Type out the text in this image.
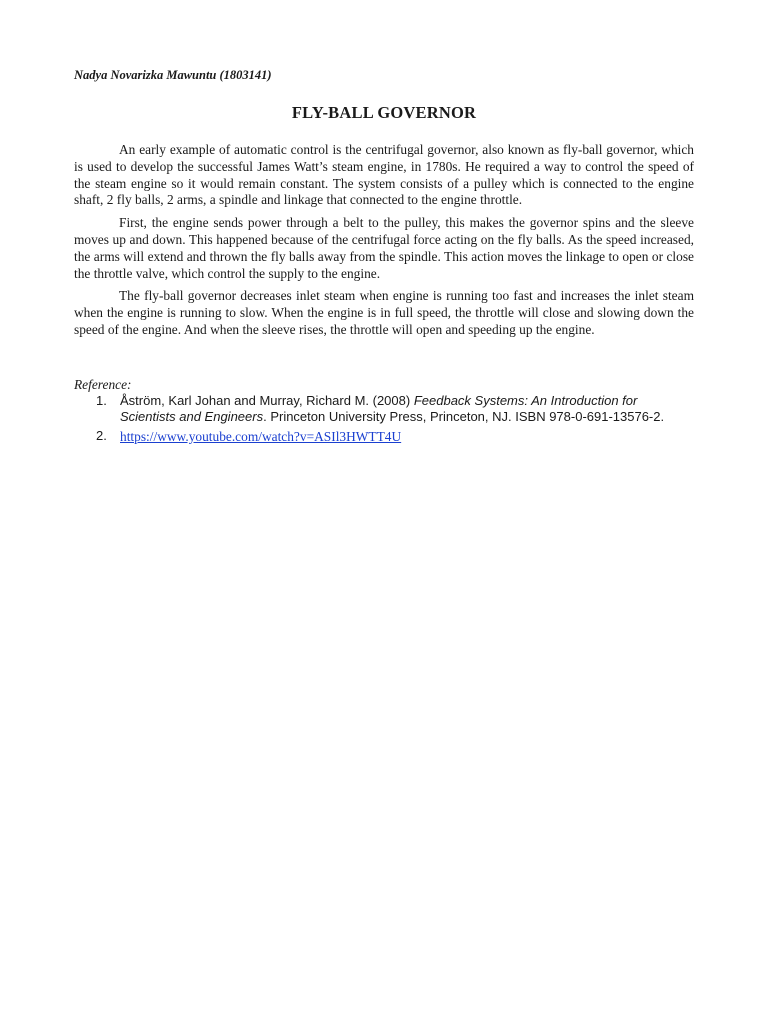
Nadya Novarizka Mawuntu (1803141)

FLY-BALL GOVERNOR

An early example of automatic control is the centrifugal governor, also known as fly-ball governor, which is used to develop the successful James Watt’s steam engine, in 1780s. He required a way to control the speed of the steam engine so it would remain constant. The system consists of a pulley which is connected to the engine shaft, 2 fly balls, 2 arms, a spindle and linkage that connected to the engine throttle.

First, the engine sends power through a belt to the pulley, this makes the governor spins and the sleeve moves up and down. This happened because of the centrifugal force acting on the fly balls. As the speed increased, the arms will extend and thrown the fly balls away from the spindle. This action moves the linkage to open or close the throttle valve, which control the supply to the engine.

The fly-ball governor decreases inlet steam when engine is running too fast and increases the inlet steam when the engine is running to slow. When the engine is in full speed, the throttle will close and slowing down the speed of the engine. And when the sleeve rises, the throttle will open and speeding up the engine.

Reference:

1. Åström, Karl Johan and Murray, Richard M. (2008) Feedback Systems: An Introduction for Scientists and Engineers. Princeton University Press, Princeton, NJ. ISBN 978-0-691-13576-2.
2. https://www.youtube.com/watch?v=ASIl3HWTT4U
